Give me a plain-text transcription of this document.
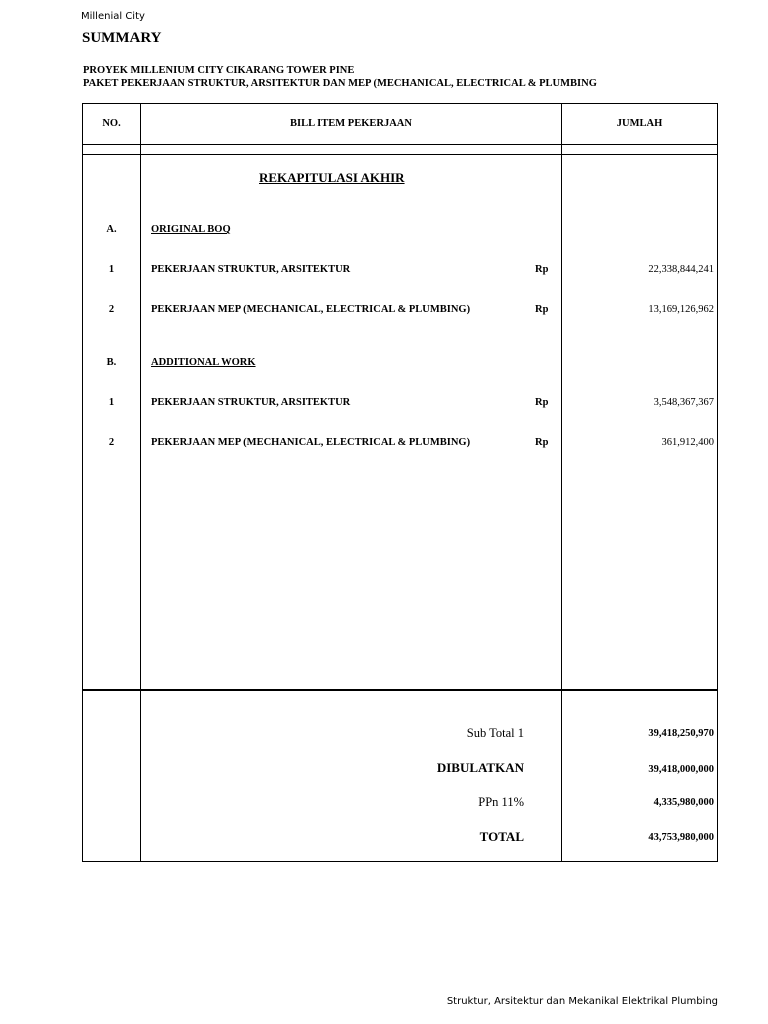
Millenial City
SUMMARY
PROYEK MILLENIUM CITY CIKARANG TOWER PINE
PAKET PEKERJAAN STRUKTUR, ARSITEKTUR DAN MEP (MECHANICAL, ELECTRICAL & PLUMBING
NO.	BILL ITEM PEKERJAAN	JUMLAH
REKAPITULASI AKHIR
A.	ORIGINAL BOQ
1	PEKERJAAN STRUKTUR, ARSITEKTUR	Rp	22,338,844,241
2	PEKERJAAN MEP (MECHANICAL, ELECTRICAL & PLUMBING)	Rp	13,169,126,962
B.	ADDITIONAL WORK
1	PEKERJAAN STRUKTUR, ARSITEKTUR	Rp	3,548,367,367
2	PEKERJAAN MEP (MECHANICAL, ELECTRICAL & PLUMBING)	Rp	361,912,400
Sub Total 1	39,418,250,970
DIBULATKAN	39,418,000,000
PPn 11%	4,335,980,000
TOTAL	43,753,980,000
Struktur, Arsitektur dan Mekanikal Elektrikal Plumbing
